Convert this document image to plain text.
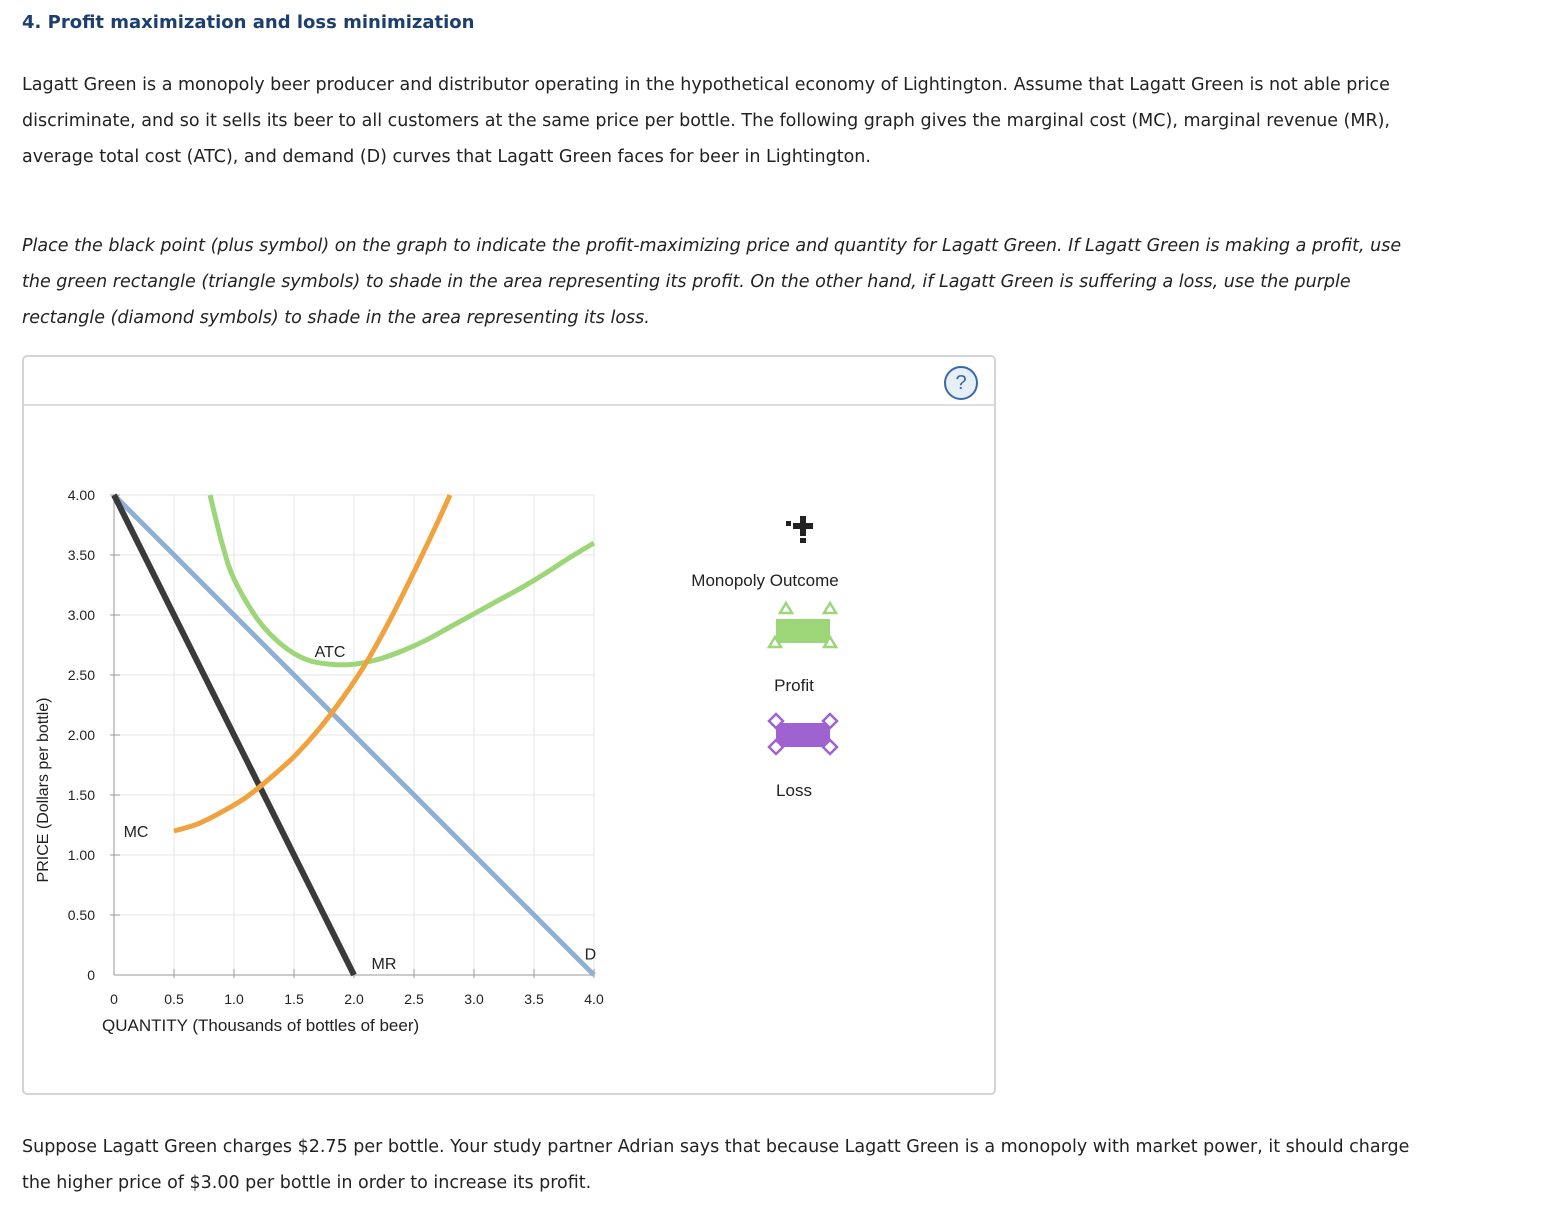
4. Profit maximization and loss minimization
Lagatt Green is a monopoly beer producer and distributor operating in the hypothetical economy of Lightington. Assume that Lagatt Green is not able price discriminate, and so it sells its beer to all customers at the same price per bottle. The following graph gives the marginal cost (MC), marginal revenue (MR), average total cost (ATC), and demand (D) curves that Lagatt Green faces for beer in Lightington.
Place the black point (plus symbol) on the graph to indicate the profit-maximizing price and quantity for Lagatt Green. If Lagatt Green is making a profit, use the green rectangle (triangle symbols) to shade in the area representing its profit. On the other hand, if Lagatt Green is suffering a loss, use the purple rectangle (diamond symbols) to shade in the area representing its loss.
?
0	0.5	1.0	1.5	2.0	2.5	3.0	3.5	4.0
0
0.50
1.00
1.50
2.00
2.50
3.00
3.50
4.00
PRICE (Dollars per bottle)
QUANTITY (Thousands of bottles of beer)
D
MR
MC
ATC
Monopoly Outcome
Profit
Loss
Suppose Lagatt Green charges $2.75 per bottle. Your study partner Adrian says that because Lagatt Green is a monopoly with market power, it should charge the higher price of $3.00 per bottle in order to increase its profit.
